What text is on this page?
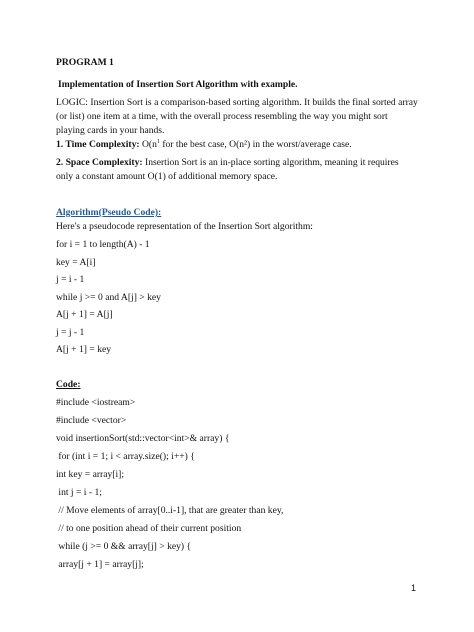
PROGRAM 1
Implementation of Insertion Sort Algorithm with example.
LOGIC: Insertion Sort is a comparison-based sorting algorithm. It builds the final sorted array (or list) one item at a time, with the overall process resembling the way you might sort playing cards in your hands.
1. Time Complexity: $O(n^1$ for the best case, O(n²) in the worst/average case.
2. Space Complexity: Insertion Sort is an in-place sorting algorithm, meaning it requires only a constant amount O(1) of additional memory space.
Algorithm(Pseudo Code):
Here's a pseudocode representation of the Insertion Sort algorithm:
for i = 1 to length(A) - 1
key = A[i]
j = i - 1
while j >= 0 and A[j] > key
A[j + 1] = A[j]
j = j - 1
A[j + 1] = key
Code:
#include <iostream>
#include <vector>
void insertionSort(std::vector<int>& array) {
for (int i = 1; i < array.size(); i++) {
int key = array[i];
int j = i - 1;
// Move elements of array[0..i-1], that are greater than key,
// to one position ahead of their current position
while (j >= 0 && array[j] > key) {
array[j + 1] = array[j];
1
